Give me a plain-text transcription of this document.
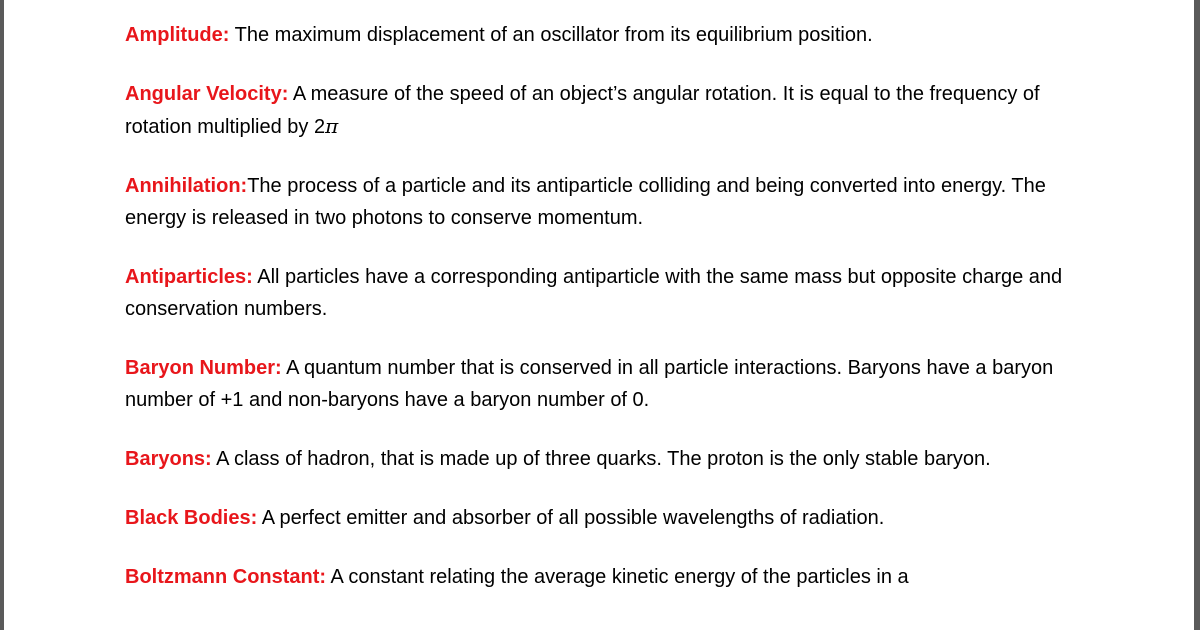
Amplitude: The maximum displacement of an oscillator from its equilibrium position.

Angular Velocity: A measure of the speed of an object’s angular rotation. It is equal to the frequency of rotation multiplied by 2π

Annihilation:The process of a particle and its antiparticle colliding and being converted into energy. The energy is released in two photons to conserve momentum.

Antiparticles: All particles have a corresponding antiparticle with the same mass but opposite charge and conservation numbers.

Baryon Number: A quantum number that is conserved in all particle interactions. Baryons have a baryon number of +1 and non-baryons have a baryon number of 0.

Baryons: A class of hadron, that is made up of three quarks. The proton is the only stable baryon.

Black Bodies: A perfect emitter and absorber of all possible wavelengths of radiation.

Boltzmann Constant: A constant relating the average kinetic energy of the particles in a
